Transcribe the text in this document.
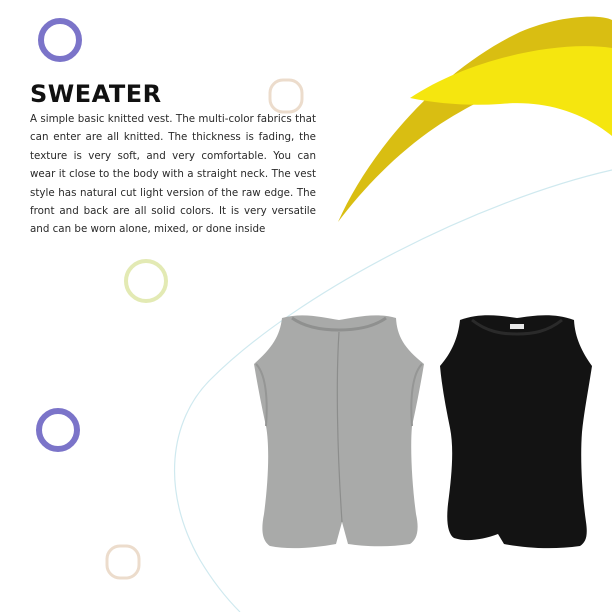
SWEATER

A simple basic knitted vest. The multi-color fabrics that can enter are all knitted. The thickness is fading, the texture is very soft, and very comfortable. You can wear it close to the body with a straight neck. The vest style has natural cut light version of the raw edge. The front and back are all solid colors. It is very versatile and can be worn alone, mixed, or done inside
